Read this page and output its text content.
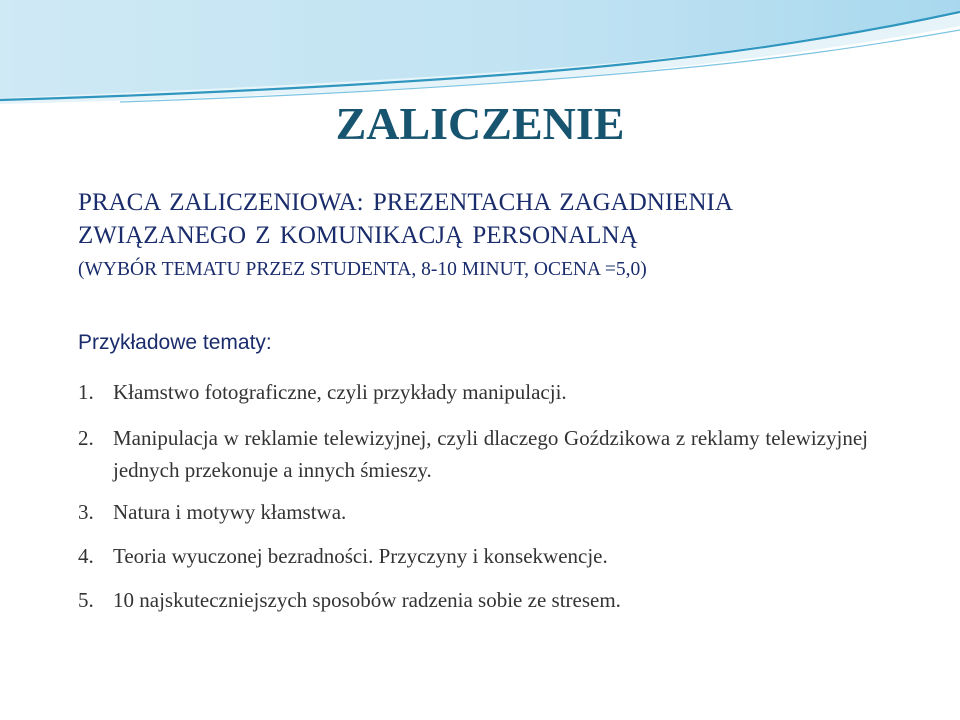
ZALICZENIE

PRACA ZALICZENIOWA: PREZENTACHA ZAGADNIENIA ZWIĄZANEGO Z KOMUNIKACJĄ PERSONALNĄ

(WYBÓR TEMATU PRZEZ STUDENTA, 8-10 MINUT, OCENA =5,0)

Przykładowe tematy:

1. Kłamstwo fotograficzne, czyli przykłady manipulacji.
2. Manipulacja w reklamie telewizyjnej, czyli dlaczego Goździkowa z reklamy telewizyjnej jednych przekonuje a innych śmieszy.
3. Natura i motywy kłamstwa.
4. Teoria wyuczonej bezradności. Przyczyny i konsekwencje.
5. 10 najskuteczniejszych sposobów radzenia sobie ze stresem.
